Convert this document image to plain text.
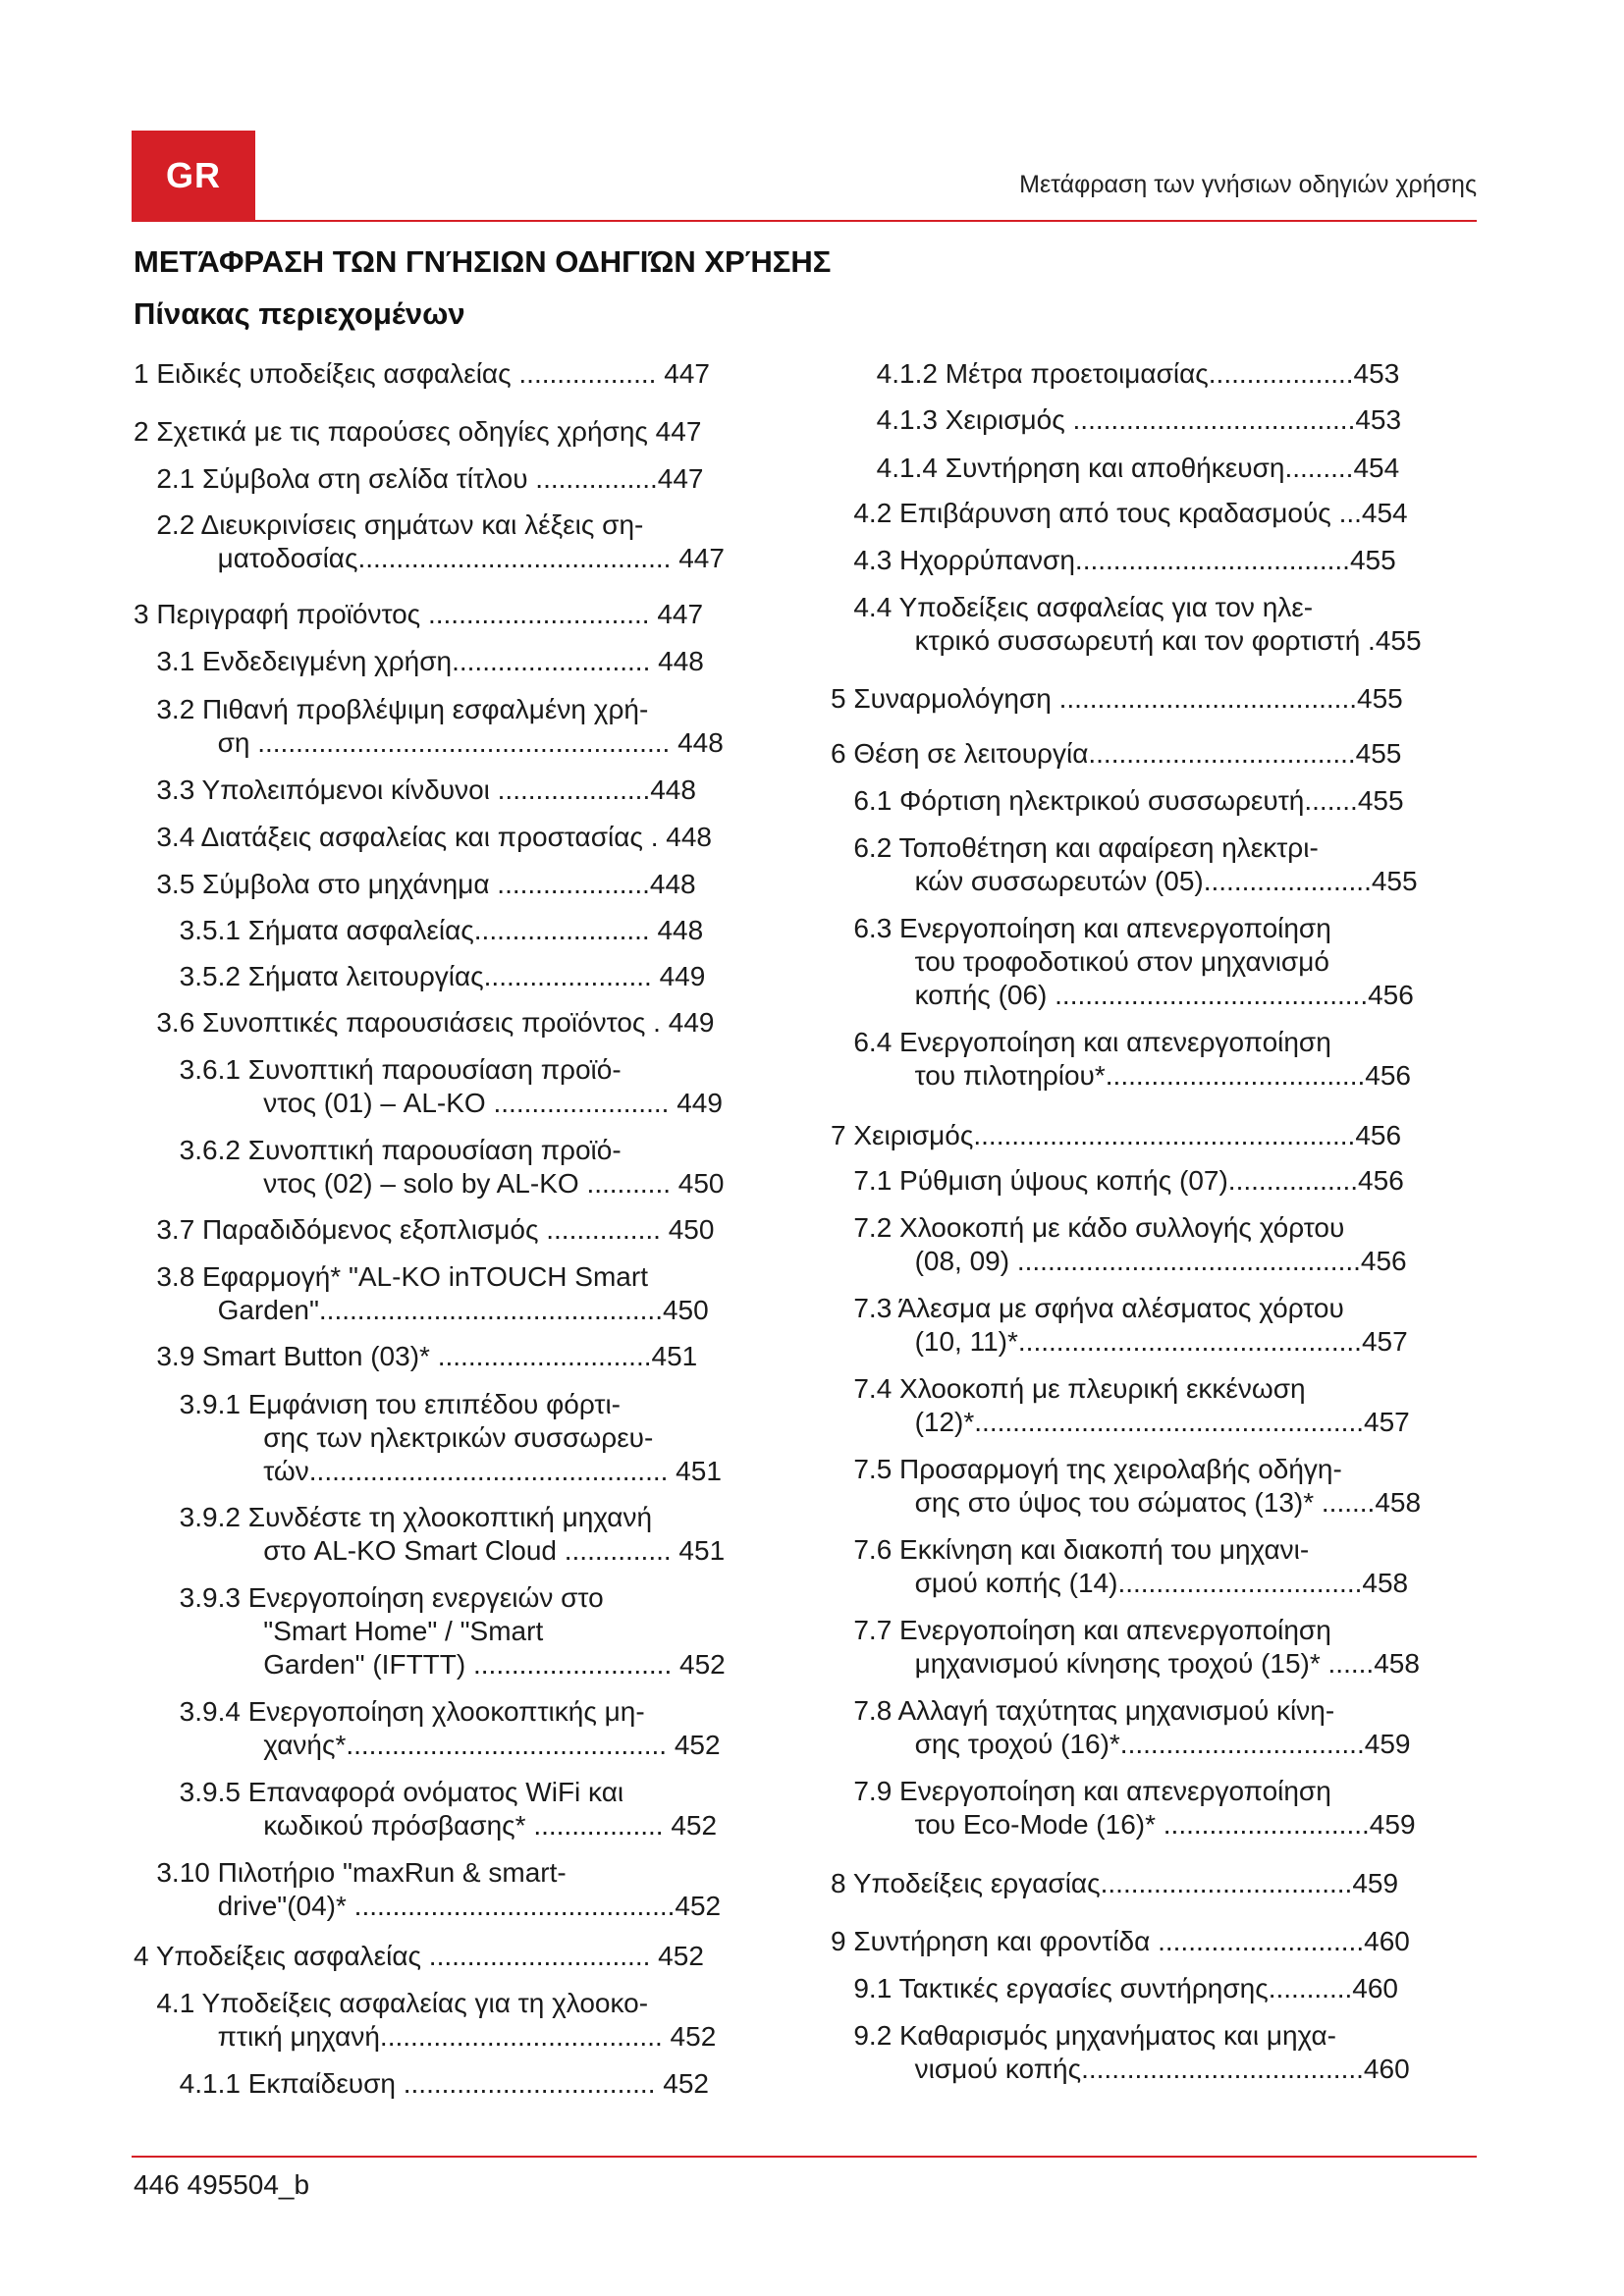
GR	Μετάφραση των γνήσιων οδηγιών χρήσης
ΜΕΤΆΦΡΑΣΗ ΤΩΝ ΓΝΉΣΙΩΝ ΟΔΗΓΙΏΝ ΧΡΉΣΗΣ
Πίνακας περιεχομένων
1 Ειδικές υποδείξεις ασφαλείας .................. 447
2 Σχετικά με τις παρούσες οδηγίες χρήσης 447
2.1 Σύμβολα στη σελίδα τίτλου ................447
2.2 Διευκρινίσεις σημάτων και λέξεις ση-
ματοδοσίας......................................... 447
3 Περιγραφή προϊόντος ............................. 447
3.1 Ενδεδειγμένη χρήση.......................... 448
3.2 Πιθανή προβλέψιμη εσφαλμένη χρή-
ση ...................................................... 448
3.3 Υπολειπόμενοι κίνδυνοι ....................448
3.4 Διατάξεις ασφαλείας και προστασίας . 448
3.5 Σύμβολα στο μηχάνημα ....................448
3.5.1 Σήματα ασφαλείας....................... 448
3.5.2 Σήματα λειτουργίας...................... 449
3.6 Συνοπτικές παρουσιάσεις προϊόντος . 449
3.6.1 Συνοπτική παρουσίαση προϊό-
ντος (01) – AL-KO ....................... 449
3.6.2 Συνοπτική παρουσίαση προϊό-
ντος (02) – solo by AL-KO ........... 450
3.7 Παραδιδόμενος εξοπλισμός ............... 450
3.8 Εφαρμογή* "AL-KO inTOUCH Smart
Garden".............................................450
3.9 Smart Button (03)* ............................451
3.9.1 Εμφάνιση του επιπέδου φόρτι-
σης των ηλεκτρικών συσσωρευ-
τών............................................... 451
3.9.2 Συνδέστε τη χλοοκοπτική μηχανή
στο AL-KO Smart Cloud .............. 451
3.9.3 Ενεργοποίηση ενεργειών στο
"Smart Home" / "Smart
Garden" (IFTTT) .......................... 452
3.9.4 Ενεργοποίηση χλοοκοπτικής μη-
χανής*.......................................... 452
3.9.5 Επαναφορά ονόματος WiFi και
κωδικού πρόσβασης* ................. 452
3.10 Πιλοτήριο "maxRun & smart-
drive"(04)* ..........................................452
4 Υποδείξεις ασφαλείας ............................. 452
4.1 Υποδείξεις ασφαλείας για τη χλοοκο-
πτική μηχανή..................................... 452
4.1.1 Εκπαίδευση ................................. 452
4.1.2 Μέτρα προετοιμασίας...................453
4.1.3 Χειρισμός .....................................453
4.1.4 Συντήρηση και αποθήκευση.........454
4.2 Επιβάρυνση από τους κραδασμούς ...454
4.3 Ηχορρύπανση....................................455
4.4 Υποδείξεις ασφαλείας για τον ηλε-
κτρικό συσσωρευτή και τον φορτιστή .455
5 Συναρμολόγηση .......................................455
6 Θέση σε λειτουργία...................................455
6.1 Φόρτιση ηλεκτρικού συσσωρευτή.......455
6.2 Τοποθέτηση και αφαίρεση ηλεκτρι-
κών συσσωρευτών (05)......................455
6.3 Ενεργοποίηση και απενεργοποίηση
του τροφοδοτικού στον μηχανισμό
κοπής (06) .........................................456
6.4 Ενεργοποίηση και απενεργοποίηση
του πιλοτηρίου*..................................456
7 Χειρισμός..................................................456
7.1 Ρύθμιση ύψους κοπής (07).................456
7.2 Χλοοκοπή με κάδο συλλογής χόρτου
(08, 09) .............................................456
7.3 Άλεσμα με σφήνα αλέσματος χόρτου
(10, 11)*.............................................457
7.4 Χλοοκοπή με πλευρική εκκένωση
(12)*...................................................457
7.5 Προσαρμογή της χειρολαβής οδήγη-
σης στο ύψος του σώματος (13)* .......458
7.6 Εκκίνηση και διακοπή του μηχανι-
σμού κοπής (14)................................458
7.7 Ενεργοποίηση και απενεργοποίηση
μηχανισμού κίνησης τροχού (15)* ......458
7.8 Αλλαγή ταχύτητας μηχανισμού κίνη-
σης τροχού (16)*................................459
7.9 Ενεργοποίηση και απενεργοποίηση
του Eco-Mode (16)* ...........................459
8 Υποδείξεις εργασίας.................................459
9 Συντήρηση και φροντίδα ...........................460
9.1 Τακτικές εργασίες συντήρησης...........460
9.2 Καθαρισμός μηχανήματος και μηχα-
νισμού κοπής.....................................460
446 495504_b
